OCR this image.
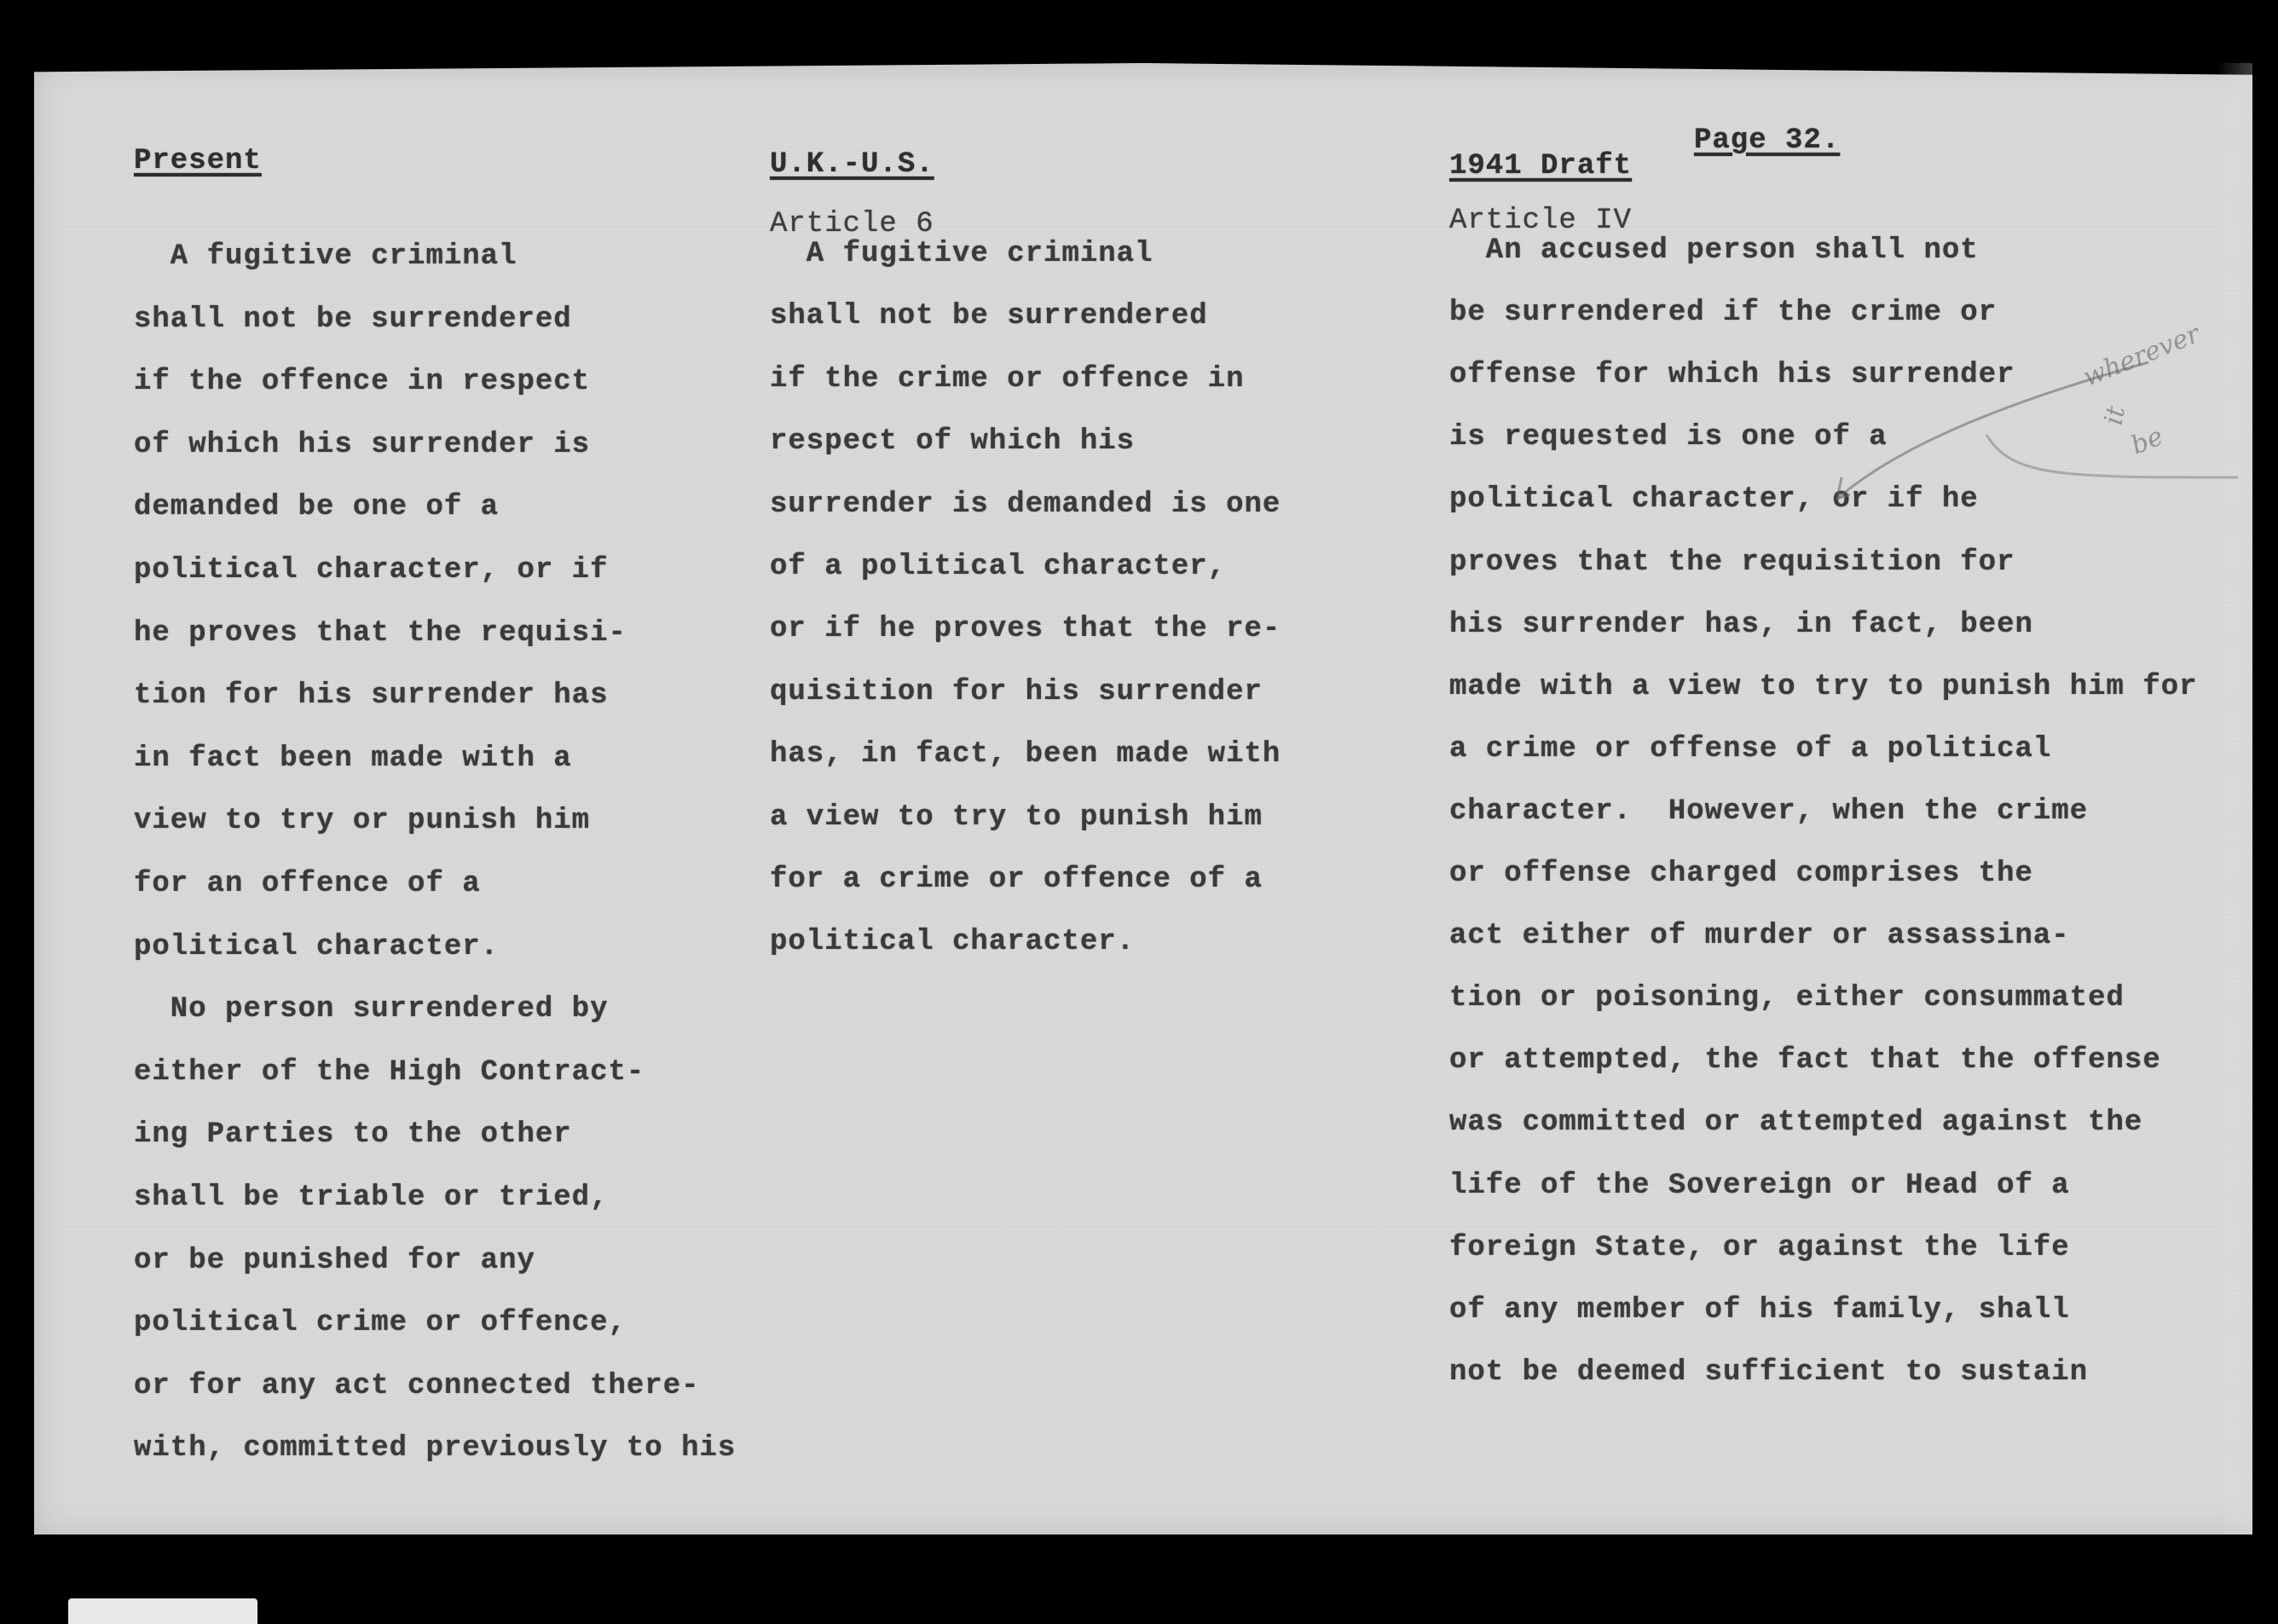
Page 32.
Present
A fugitive criminal
shall not be surrendered
if the offence in respect
of which his surrender is
demanded be one of a
political character, or if
he proves that the requisi-
tion for his surrender has
in fact been made with a
view to try or punish him
for an offence of a
political character.
No person surrendered by
either of the High Contract-
ing Parties to the other
shall be triable or tried,
or be punished for any
political crime or offence,
or for any act connected there-
with, committed previously to his
U.K.-U.S.
Article 6
A fugitive criminal
shall not be surrendered
if the crime or offence in
respect of which his
surrender is demanded is one
of a political character,
or if he proves that the re-
quisition for his surrender
has, in fact, been made with
a view to try to punish him
for a crime or offence of a
political character.
1941 Draft
Article IV
An accused person shall not
be surrendered if the crime or
offense for which his surrender
is requested is one of a
political character, or if he
proves that the requisition for
his surrender has, in fact, been
made with a view to try to punish him for
a crime or offense of a political
character.  However, when the crime
or offense charged comprises the
act either of murder or assassina-
tion or poisoning, either consummated
or attempted, the fact that the offense
was committed or attempted against the
life of the Sovereign or Head of a
foreign State, or against the life
of any member of his family, shall
not be deemed sufficient to sustain
wherever
it
be
